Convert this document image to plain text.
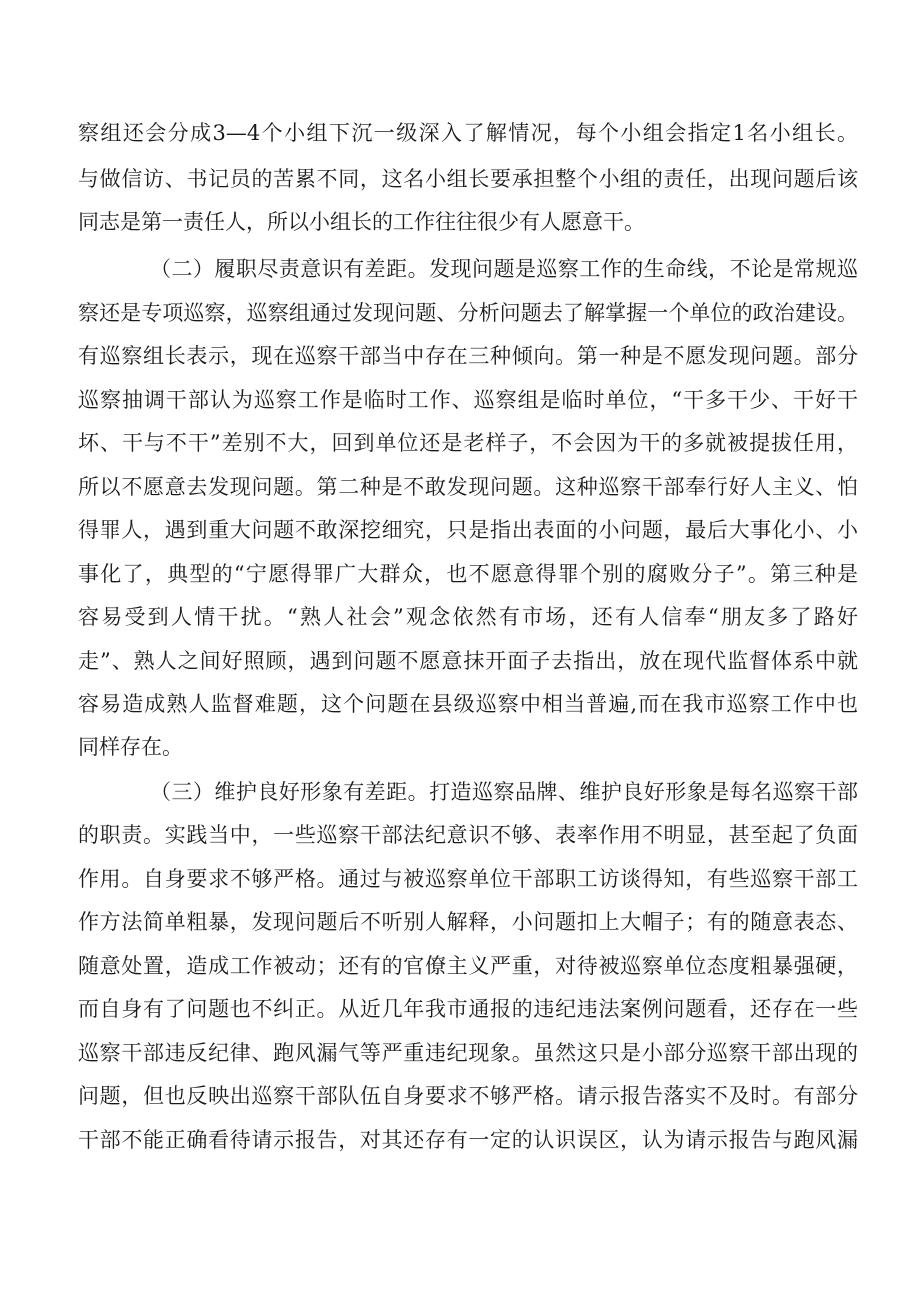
察组还会分成3—4个小组下沉一级深入了解情况，每个小组会指定1名小组长。
与做信访、书记员的苦累不同，这名小组长要承担整个小组的责任，出现问题后该
同志是第一责任人，所以小组长的工作往往很少有人愿意干。
（二）履职尽责意识有差距。发现问题是巡察工作的生命线，不论是常规巡
察还是专项巡察，巡察组通过发现问题、分析问题去了解掌握一个单位的政治建设。
有巡察组长表示，现在巡察干部当中存在三种倾向。第一种是不愿发现问题。部分
巡察抽调干部认为巡察工作是临时工作、巡察组是临时单位，“干多干少、干好干
坏、干与不干”差别不大，回到单位还是老样子，不会因为干的多就被提拔任用，
所以不愿意去发现问题。第二种是不敢发现问题。这种巡察干部奉行好人主义、怕
得罪人，遇到重大问题不敢深挖细究，只是指出表面的小问题，最后大事化小、小
事化了，典型的“宁愿得罪广大群众，也不愿意得罪个别的腐败分子”。第三种是
容易受到人情干扰。“熟人社会”观念依然有市场，还有人信奉“朋友多了路好
走”、熟人之间好照顾，遇到问题不愿意抹开面子去指出，放在现代监督体系中就
容易造成熟人监督难题，这个问题在县级巡察中相当普遍,而在我市巡察工作中也
同样存在。
（三）维护良好形象有差距。打造巡察品牌、维护良好形象是每名巡察干部
的职责。实践当中，一些巡察干部法纪意识不够、表率作用不明显，甚至起了负面
作用。自身要求不够严格。通过与被巡察单位干部职工访谈得知，有些巡察干部工
作方法简单粗暴，发现问题后不听别人解释，小问题扣上大帽子；有的随意表态、
随意处置，造成工作被动；还有的官僚主义严重，对待被巡察单位态度粗暴强硬，
而自身有了问题也不纠正。从近几年我市通报的违纪违法案例问题看，还存在一些
巡察干部违反纪律、跑风漏气等严重违纪现象。虽然这只是小部分巡察干部出现的
问题，但也反映出巡察干部队伍自身要求不够严格。请示报告落实不及时。有部分
干部不能正确看待请示报告，对其还存有一定的认识误区，认为请示报告与跑风漏
